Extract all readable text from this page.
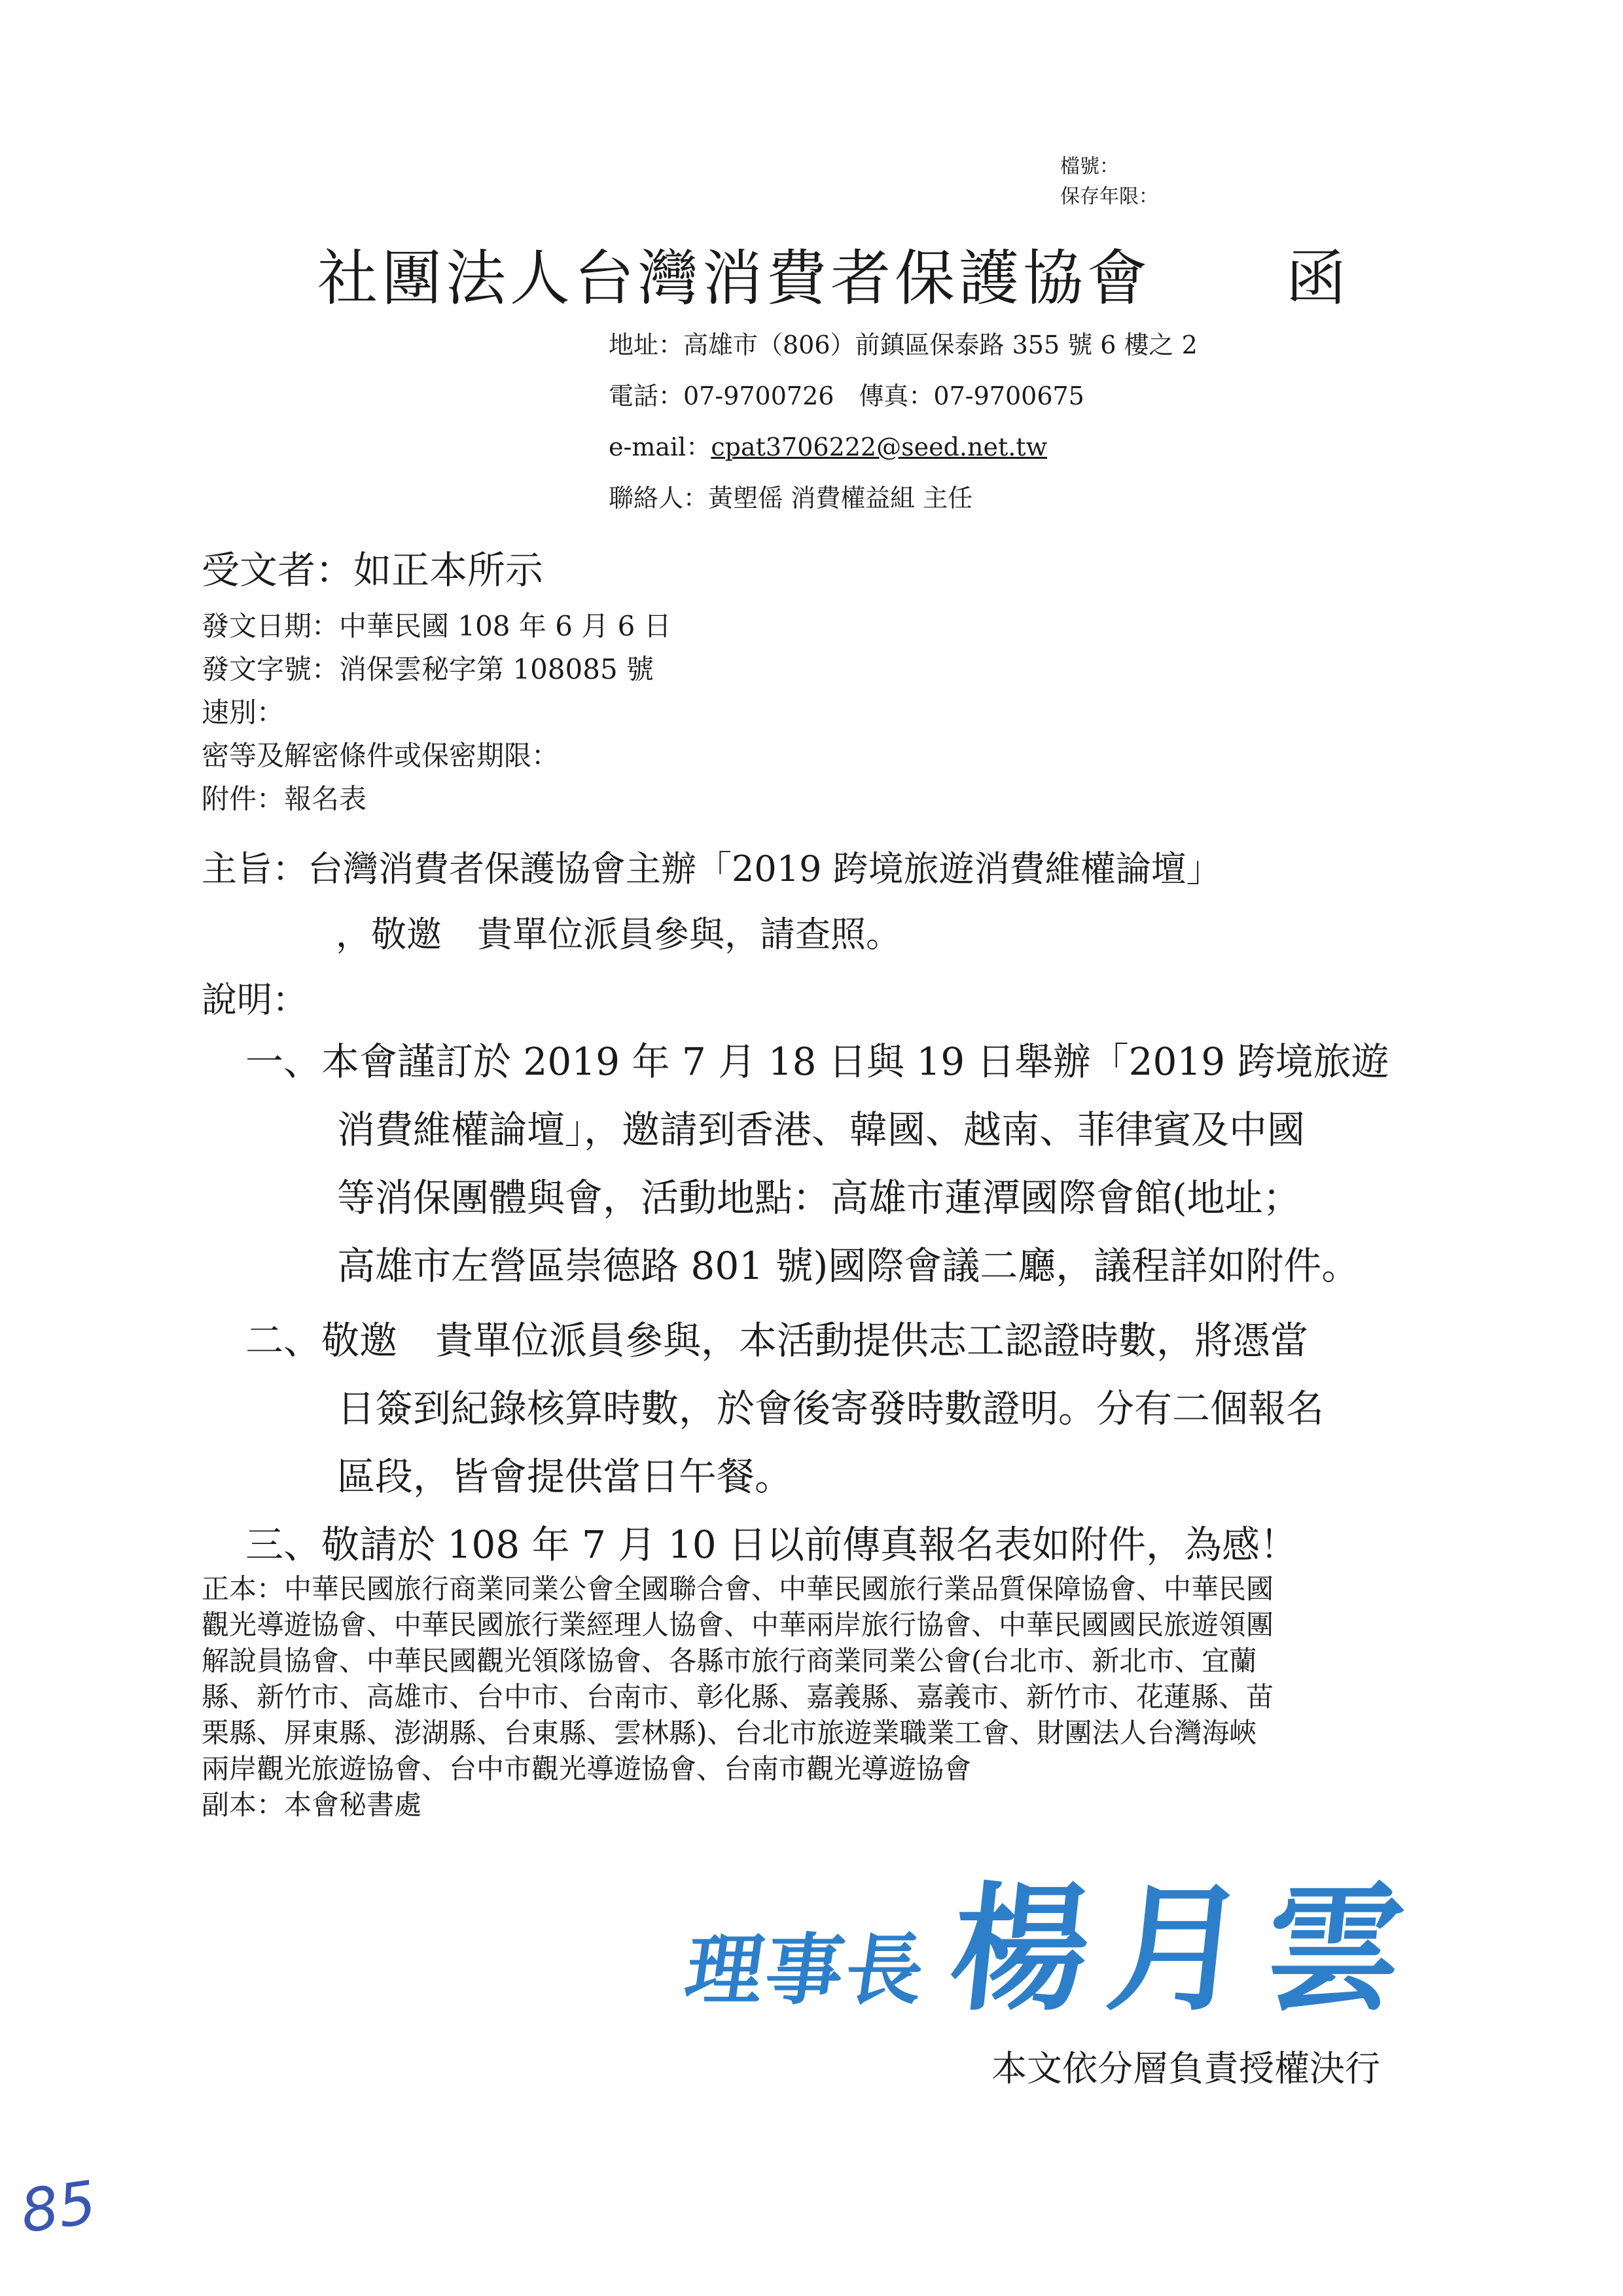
檔號：
保存年限：
社團法人台灣消費者保護協會 函
地址：高雄市（806）前鎮區保泰路 355 號 6 樓之 2
電話：07-9700726　傳真：07-9700675
e-mail：cpat3706222@seed.net.tw
聯絡人：黃塱傜 消費權益組 主任
受文者：如正本所示
發文日期：中華民國 108 年 6 月 6 日
發文字號：消保雲秘字第 108085 號
速別：
密等及解密條件或保密期限：
附件：報名表
主旨：台灣消費者保護協會主辦「2019 跨境旅遊消費維權論壇」
，敬邀　貴單位派員參與，請查照。
說明：
一、本會謹訂於 2019 年 7 月 18 日與 19 日舉辦「2019 跨境旅遊
消費維權論壇」，邀請到香港、韓國、越南、菲律賓及中國
等消保團體與會，活動地點：高雄市蓮潭國際會館(地址；
高雄市左營區崇德路 801 號)國際會議二廳，議程詳如附件。
二、敬邀　貴單位派員參與，本活動提供志工認證時數，將憑當
日簽到紀錄核算時數，於會後寄發時數證明。分有二個報名
區段，皆會提供當日午餐。
三、敬請於 108 年 7 月 10 日以前傳真報名表如附件，為感！
正本：中華民國旅行商業同業公會全國聯合會、中華民國旅行業品質保障協會、中華民國
觀光導遊協會、中華民國旅行業經理人協會、中華兩岸旅行協會、中華民國國民旅遊領團
解說員協會、中華民國觀光領隊協會、各縣市旅行商業同業公會(台北市、新北市、宜蘭
縣、新竹市、高雄市、台中市、台南市、彰化縣、嘉義縣、嘉義市、新竹市、花蓮縣、苗
栗縣、屏東縣、澎湖縣、台東縣、雲林縣)、台北市旅遊業職業工會、財團法人台灣海峽
兩岸觀光旅遊協會、台中市觀光導遊協會、台南市觀光導遊協會
副本：本會秘書處
理事長楊月雲
本文依分層負責授權決行
85
